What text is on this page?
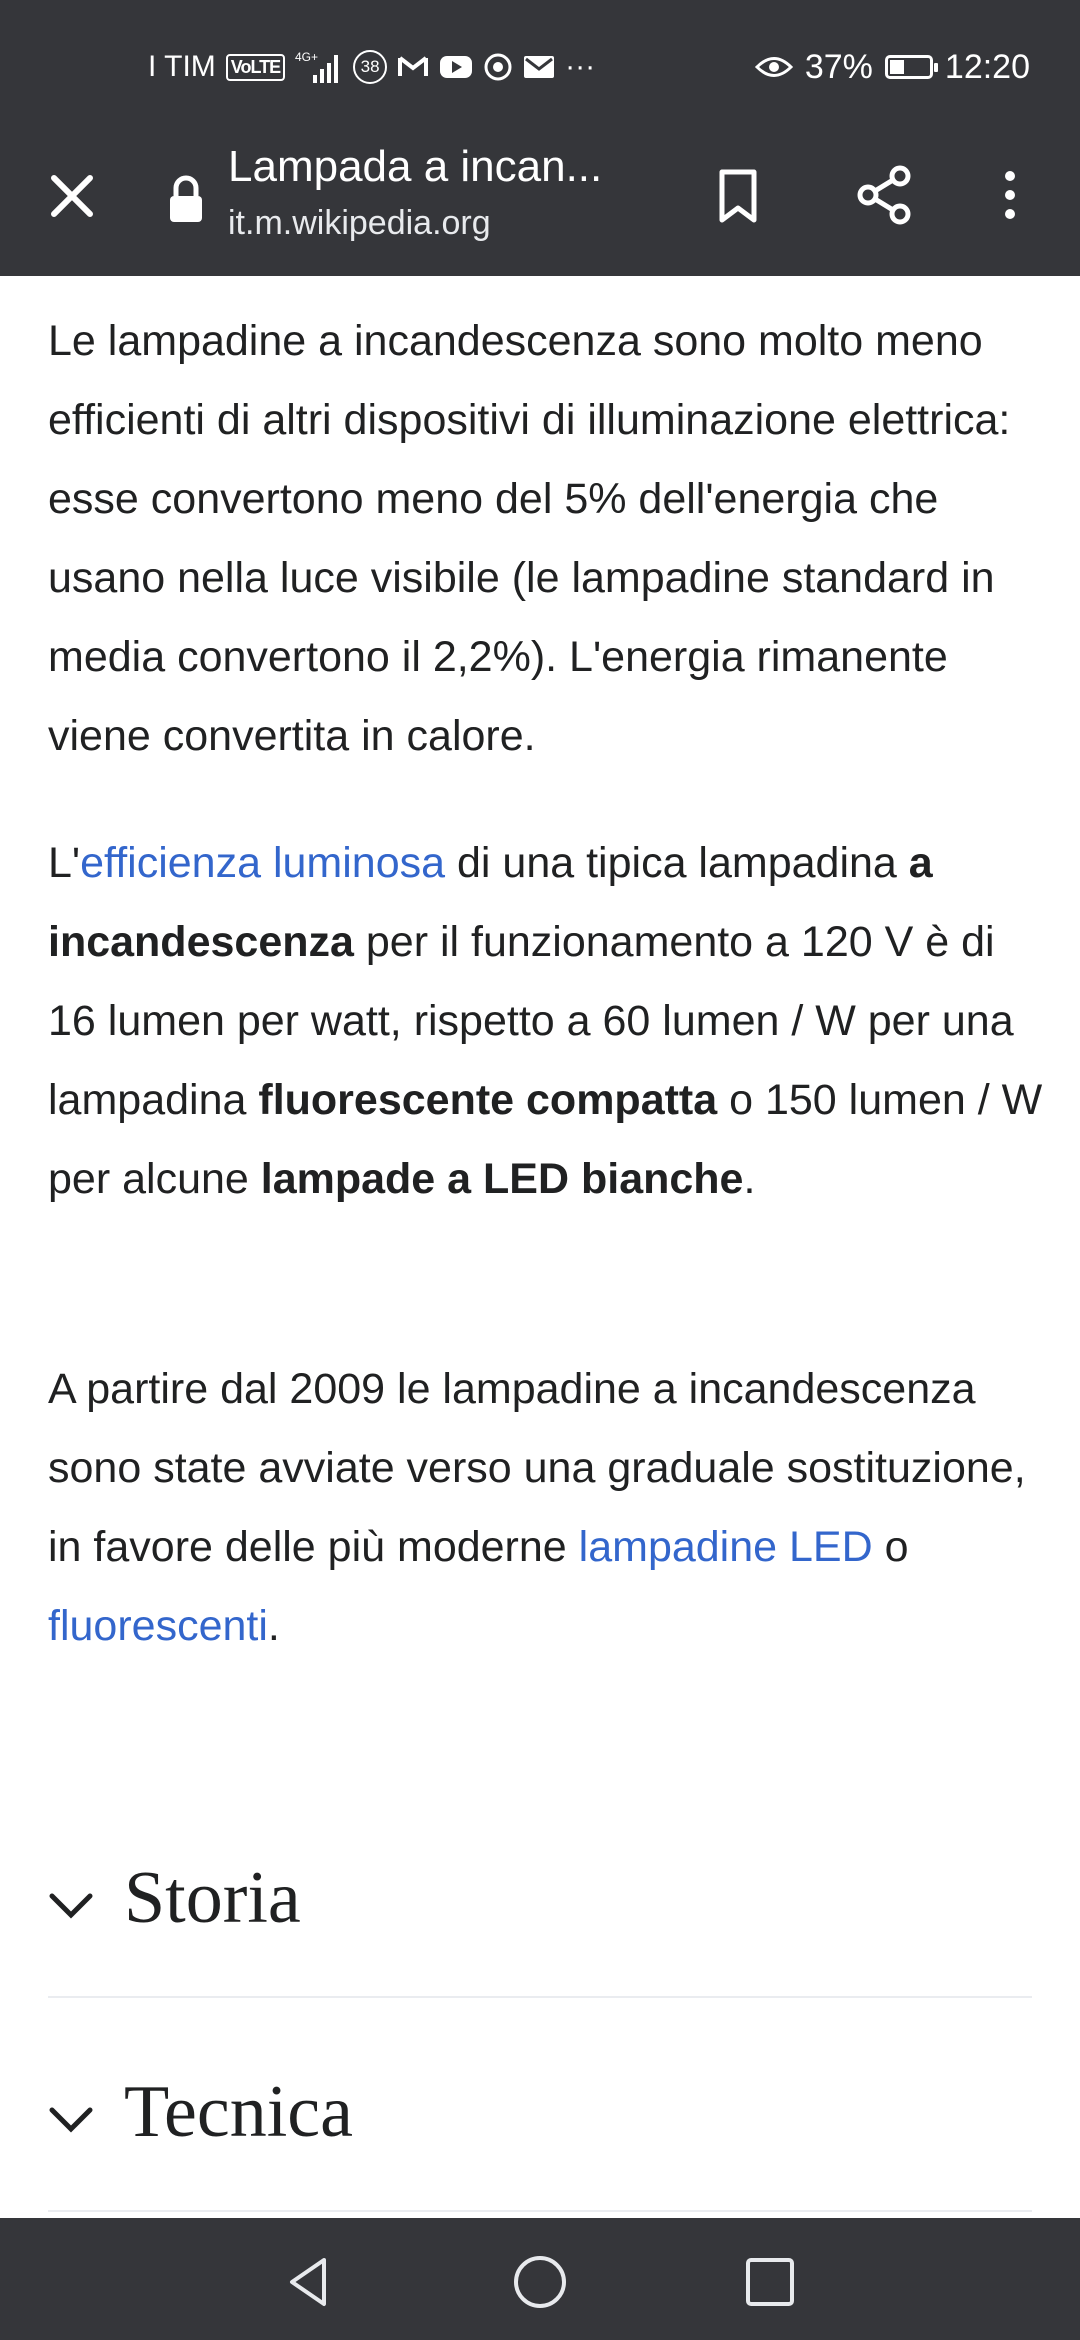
I TIM VoLTE	4G+	38	···	37% 12:20
Lampada a incan...
it.m.wikipedia.org

Le lampadine a incandescenza sono molto meno efficienti di altri dispositivi di illuminazione elettrica: esse convertono meno del 5% dell'energia che usano nella luce visibile (le lampadine standard in media convertono il 2,2%). L'energia rimanente viene convertita in calore.

L'efficienza luminosa di una tipica lampadina a incandescenza per il funzionamento a 120 V è di 16 lumen per watt, rispetto a 60 lumen / W per una lampadina fluorescente compatta o 150 lumen / W per alcune lampade a LED bianche.

A partire dal 2009 le lampadine a incandescenza sono state avviate verso una graduale sostituzione, in favore delle più moderne lampadine LED o fluorescenti.

Storia
Tecnica
